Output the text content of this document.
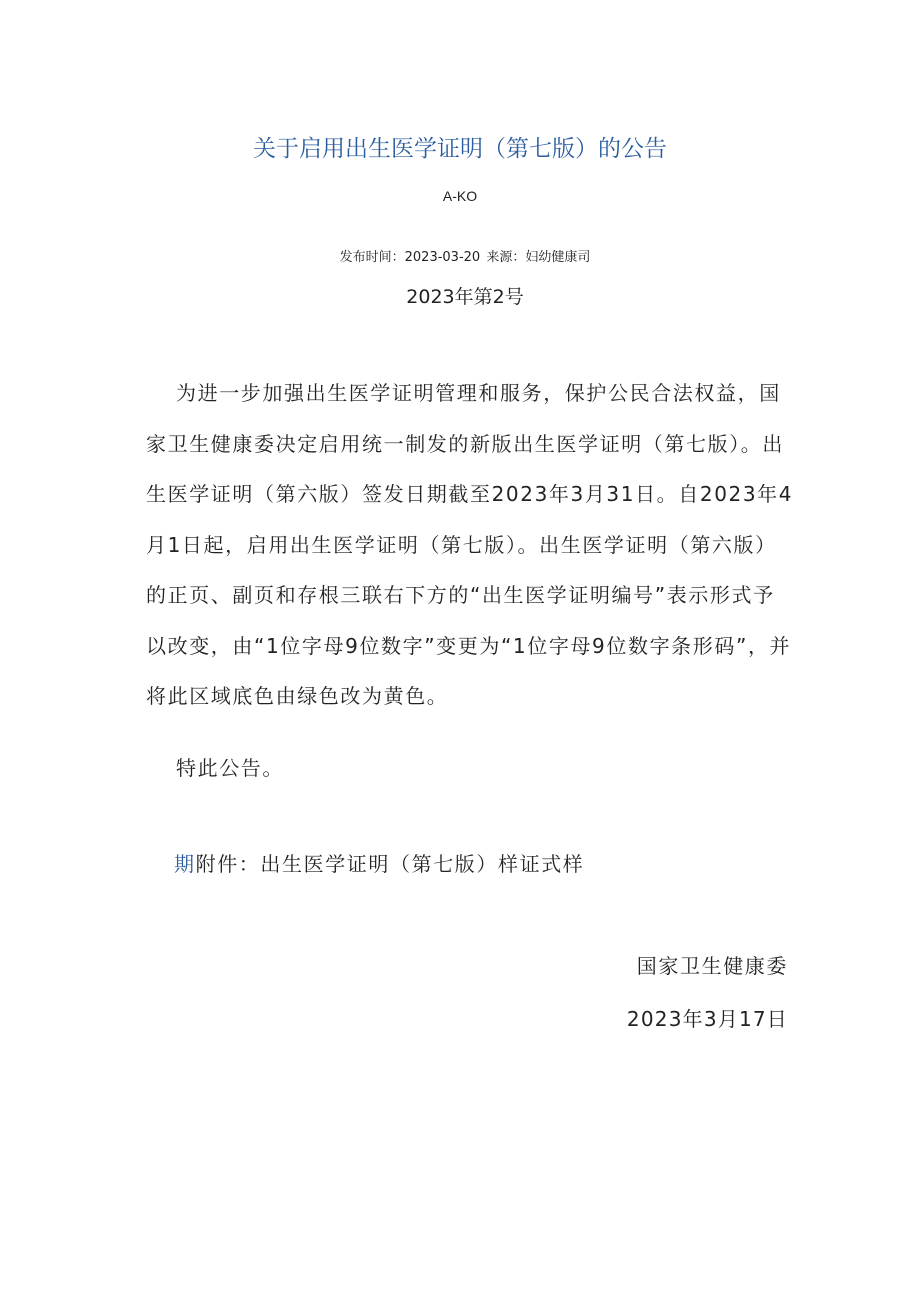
关于启用出生医学证明（第七版）的公告
A-KO
发布时间：2023-03-20 来源：妇幼健康司
2023年第2号

为进一步加强出生医学证明管理和服务，保护公民合法权益，国家卫生健康委决定启用统一制发的新版出生医学证明（第七版）。出生医学证明（第六版）签发日期截至2023年3月31日。自2023年4月1日起，启用出生医学证明（第七版）。出生医学证明（第六版）的正页、副页和存根三联右下方的“出生医学证明编号”表示形式予以改变，由“1位字母9位数字”变更为“1位字母9位数字条形码”，并将此区域底色由绿色改为黄色。

特此公告。
期附件：出生医学证明（第七版）样证式样
国家卫生健康委
2023年3月17日
